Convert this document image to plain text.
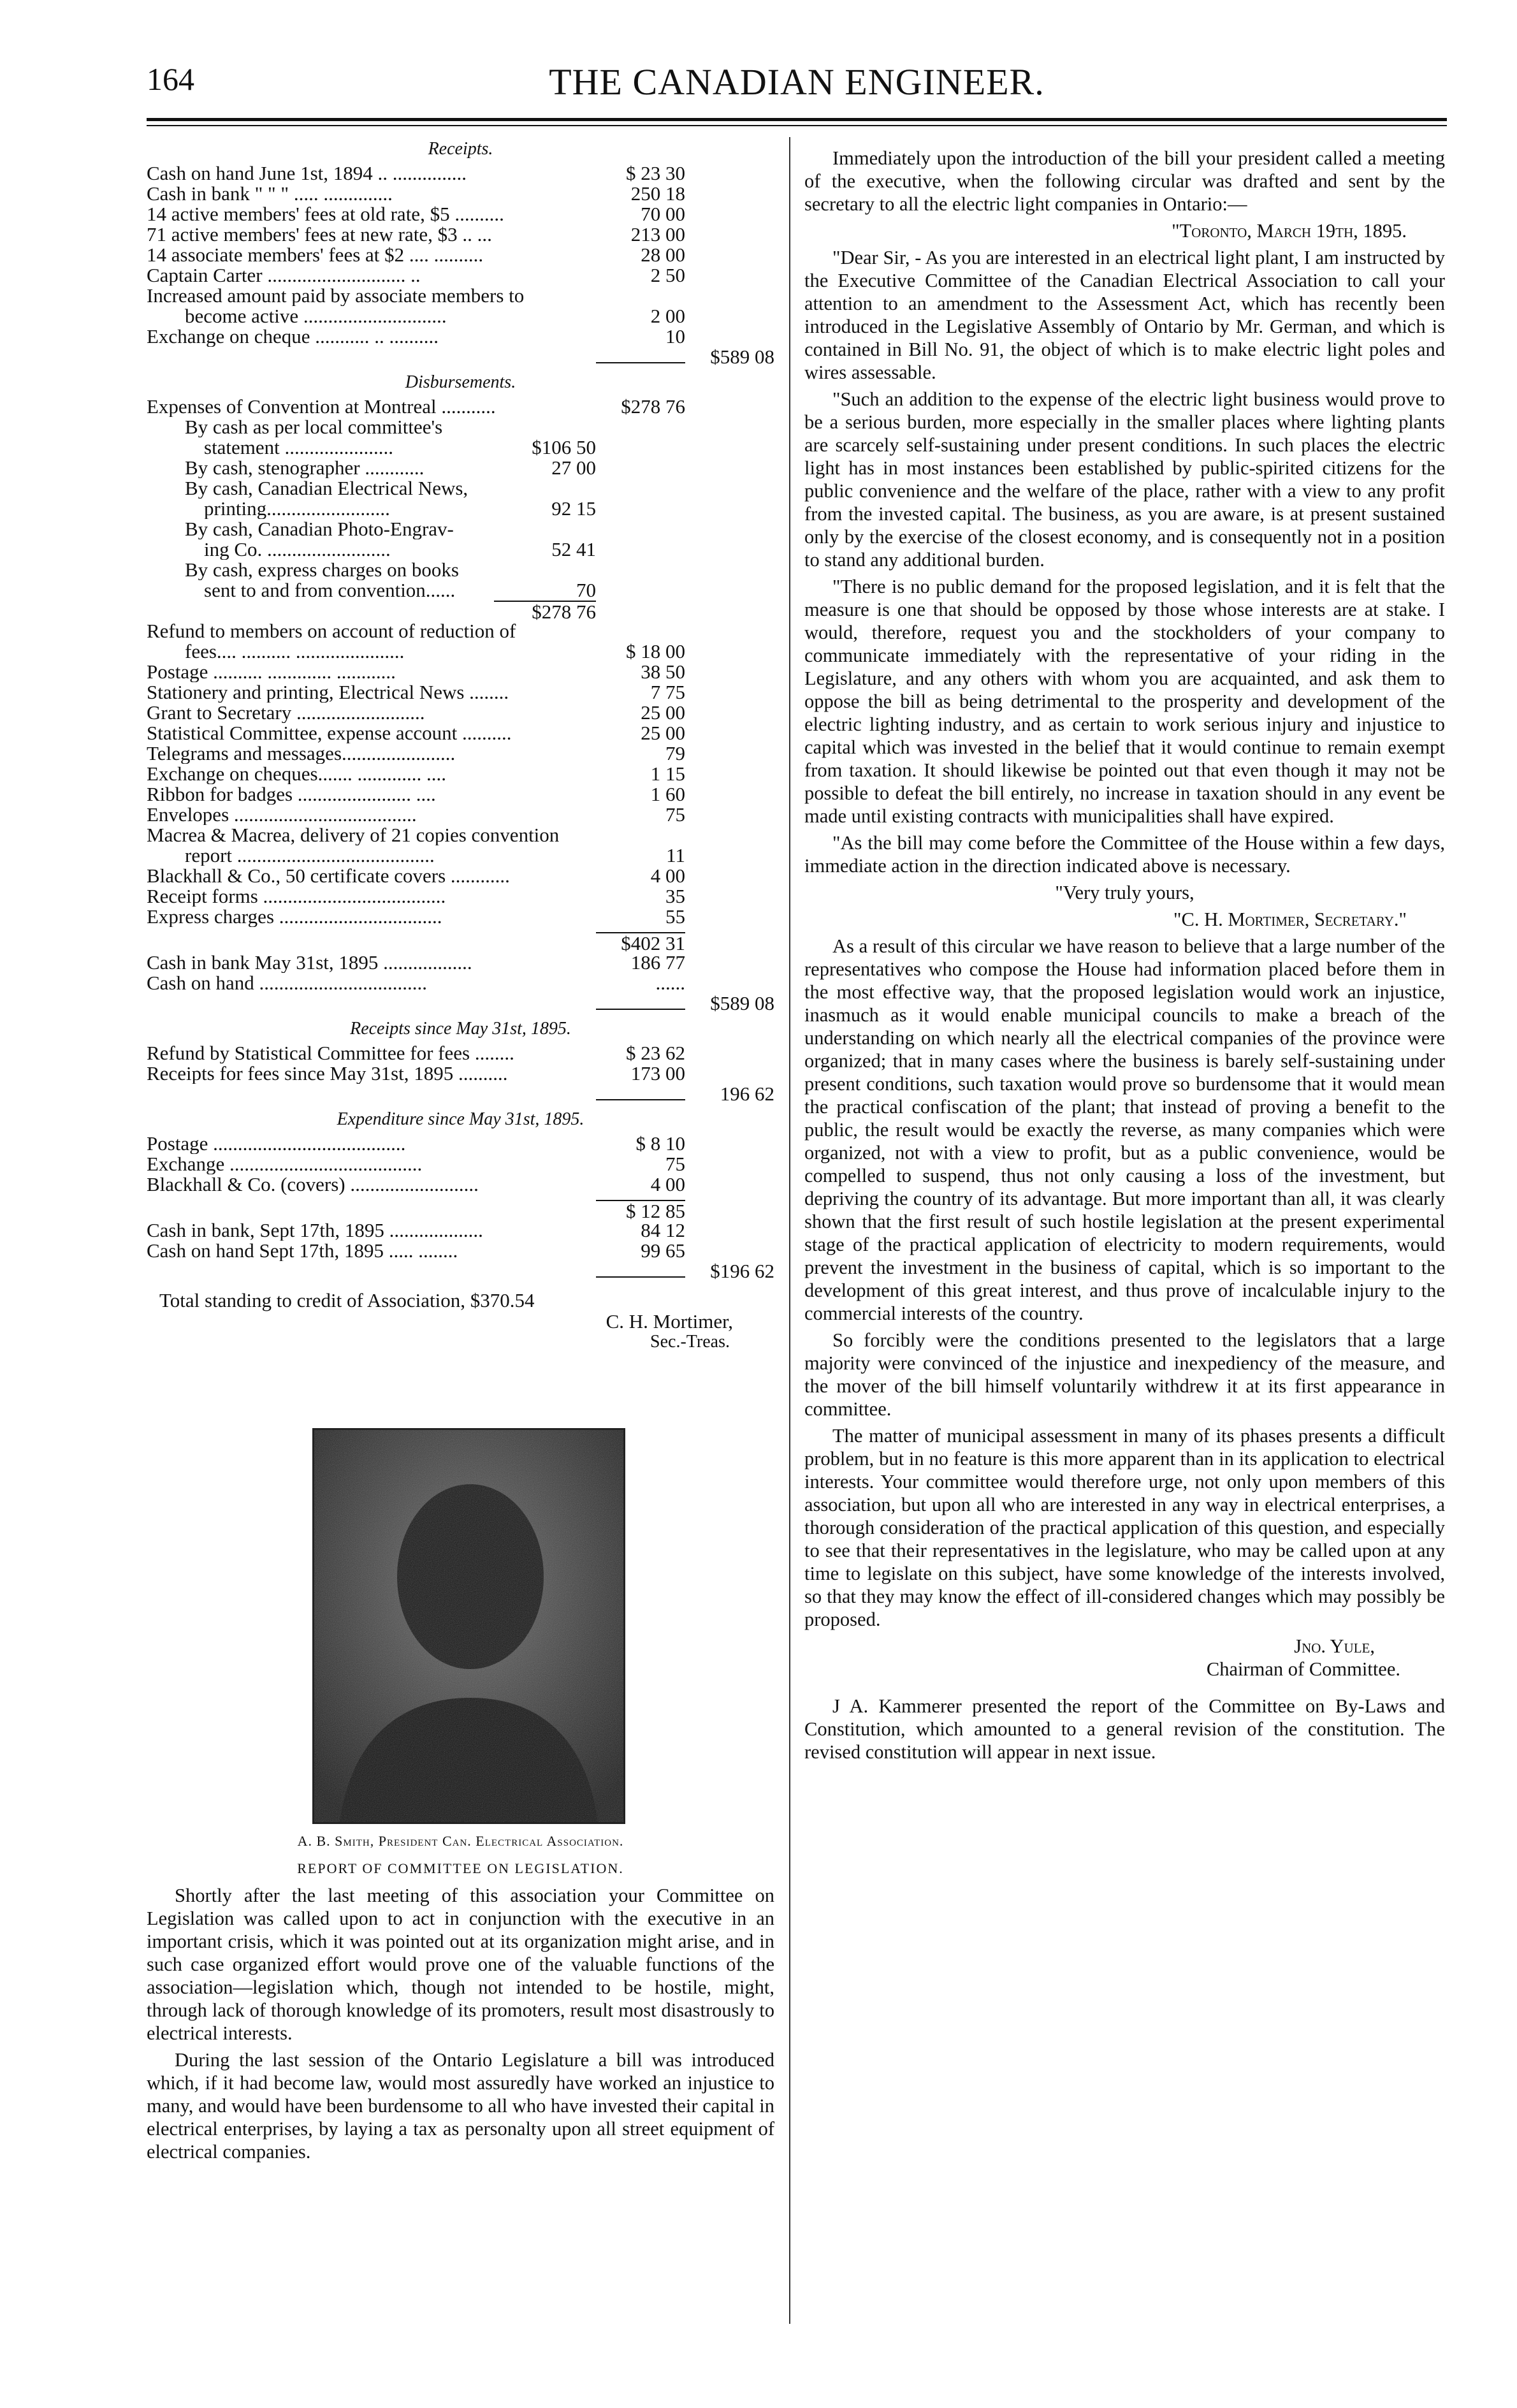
THE CANADIAN ENGINEER.
164
Receipts.
Cash on hand June 1st, 1894 .. ...............	$ 23 30
Cash in bank " " " ..... ..............	250 18
14 active members' fees at old rate, $5 ..........	70 00
71 active members' fees at new rate, $3 .. ...	213 00
14 associate members' fees at $2 .... ..........	28 00
Captain Carter ............................ ..	2 50
Increased amount paid by associate members to
become active .............................	2 00
Exchange on cheque ........... .. ..........	10
$589 08
Disbursements.
Expenses of Convention at Montreal ...........	$278 76
By cash as per local committee's
statement ......................	$106 50
By cash, stenographer ............	27 00
By cash, Canadian Electrical News,
printing.........................	92 15
By cash, Canadian Photo-Engrav-
ing Co. .........................	52 41
By cash, express charges on books
sent to and from convention......	70
$278 76
Refund to members on account of reduction of
fees.... .......... ......................	$ 18 00
Postage .......... ............. ............	38 50
Stationery and printing, Electrical News ........	7 75
Grant to Secretary ..........................	25 00
Statistical Committee, expense account ..........	25 00
Telegrams and messages.......................	79
Exchange on cheques....... ............. ....	1 15
Ribbon for badges ....................... ....	1 60
Envelopes .....................................	75
Macrea & Macrea, delivery of 21 copies convention
report ........................................	11
Blackhall & Co., 50 certificate covers ............	4 00
Receipt forms .....................................	35
Express charges .................................	55
$402 31
Cash in bank May 31st, 1895 ..................	186 77
Cash on hand ..................................	......
$589 08
Receipts since May 31st, 1895.
Refund by Statistical Committee for fees ........	$ 23 62
Receipts for fees since May 31st, 1895 ..........	173 00
196 62
Expenditure since May 31st, 1895.
Postage .......................................	$ 8 10
Exchange .......................................	75
Blackhall & Co. (covers) ..........................	4 00
$ 12 85
Cash in bank, Sept 17th, 1895 ...................	84 12
Cash on hand Sept 17th, 1895 ..... ........	99 65
$196 62
Total standing to credit of Association, $370.54
C. H. Mortimer,
Sec.-Treas.
A. B. Smith, President Can. Electrical Association.
REPORT OF COMMITTEE ON LEGISLATION.

Shortly after the last meeting of this association your Committee on Legislation was called upon to act in conjunction with the executive in an important crisis, which it was pointed out at its organization might arise, and in such case organized effort would prove one of the valuable functions of the association—legislation which, though not intended to be hostile, might, through lack of thorough knowledge of its promoters, result most disastrously to electrical interests.

During the last session of the Ontario Legislature a bill was introduced which, if it had become law, would most assuredly have worked an injustice to many, and would have been burdensome to all who have invested their capital in electrical enterprises, by laying a tax as personalty upon all street equipment of electrical companies.

Immediately upon the introduction of the bill your president called a meeting of the executive, when the following circular was drafted and sent by the secretary to all the electric light companies in Ontario:—

"Toronto, March 19th, 1895.

"Dear Sir, - As you are interested in an electrical light plant, I am instructed by the Executive Committee of the Canadian Electrical Association to call your attention to an amendment to the Assessment Act, which has recently been introduced in the Legislative Assembly of Ontario by Mr. German, and which is contained in Bill No. 91, the object of which is to make electric light poles and wires assessable.

"Such an addition to the expense of the electric light business would prove to be a serious burden, more especially in the smaller places where lighting plants are scarcely self-sustaining under present conditions. In such places the electric light has in most instances been established by public-spirited citizens for the public convenience and the welfare of the place, rather with a view to any profit from the invested capital. The business, as you are aware, is at present sustained only by the exercise of the closest economy, and is consequently not in a position to stand any additional burden.

"There is no public demand for the proposed legislation, and it is felt that the measure is one that should be opposed by those whose interests are at stake. I would, therefore, request you and the stockholders of your company to communicate immediately with the representative of your riding in the Legislature, and any others with whom you are acquainted, and ask them to oppose the bill as being detrimental to the prosperity and development of the electric lighting industry, and as certain to work serious injury and injustice to capital which was invested in the belief that it would continue to remain exempt from taxation. It should likewise be pointed out that even though it may not be possible to defeat the bill entirely, no increase in taxation should in any event be made until existing contracts with municipalities shall have expired.

"As the bill may come before the Committee of the House within a few days, immediate action in the direction indicated above is necessary.

"Very truly yours,

"C. H. Mortimer, Secretary."

As a result of this circular we have reason to believe that a large number of the representatives who compose the House had information placed before them in the most effective way, that the proposed legislation would work an injustice, inasmuch as it would enable municipal councils to make a breach of the understanding on which nearly all the electrical companies of the province were organized; that in many cases where the business is barely self-sustaining under present conditions, such taxation would prove so burdensome that it would mean the practical confiscation of the plant; that instead of proving a benefit to the public, the result would be exactly the reverse, as many companies which were organized, not with a view to profit, but as a public convenience, would be compelled to suspend, thus not only causing a loss of the investment, but depriving the country of its advantage. But more important than all, it was clearly shown that the first result of such hostile legislation at the present experimental stage of the practical application of electricity to modern requirements, would prevent the investment in the business of capital, which is so important to the development of this great interest, and thus prove of incalculable injury to the commercial interests of the country.

So forcibly were the conditions presented to the legislators that a large majority were convinced of the injustice and inexpediency of the measure, and the mover of the bill himself voluntarily withdrew it at its first appearance in committee.

The matter of municipal assessment in many of its phases presents a difficult problem, but in no feature is this more apparent than in its application to electrical interests. Your committee would therefore urge, not only upon members of this association, but upon all who are interested in any way in electrical enterprises, a thorough consideration of the practical application of this question, and especially to see that their representatives in the legislature, who may be called upon at any time to legislate on this subject, have some knowledge of the interests involved, so that they may know the effect of ill-considered changes which may possibly be proposed.

Jno. Yule,

Chairman of Committee.

J A. Kammerer presented the report of the Committee on By-Laws and Constitution, which amounted to a general revision of the constitution. The revised constitution will appear in next issue.
